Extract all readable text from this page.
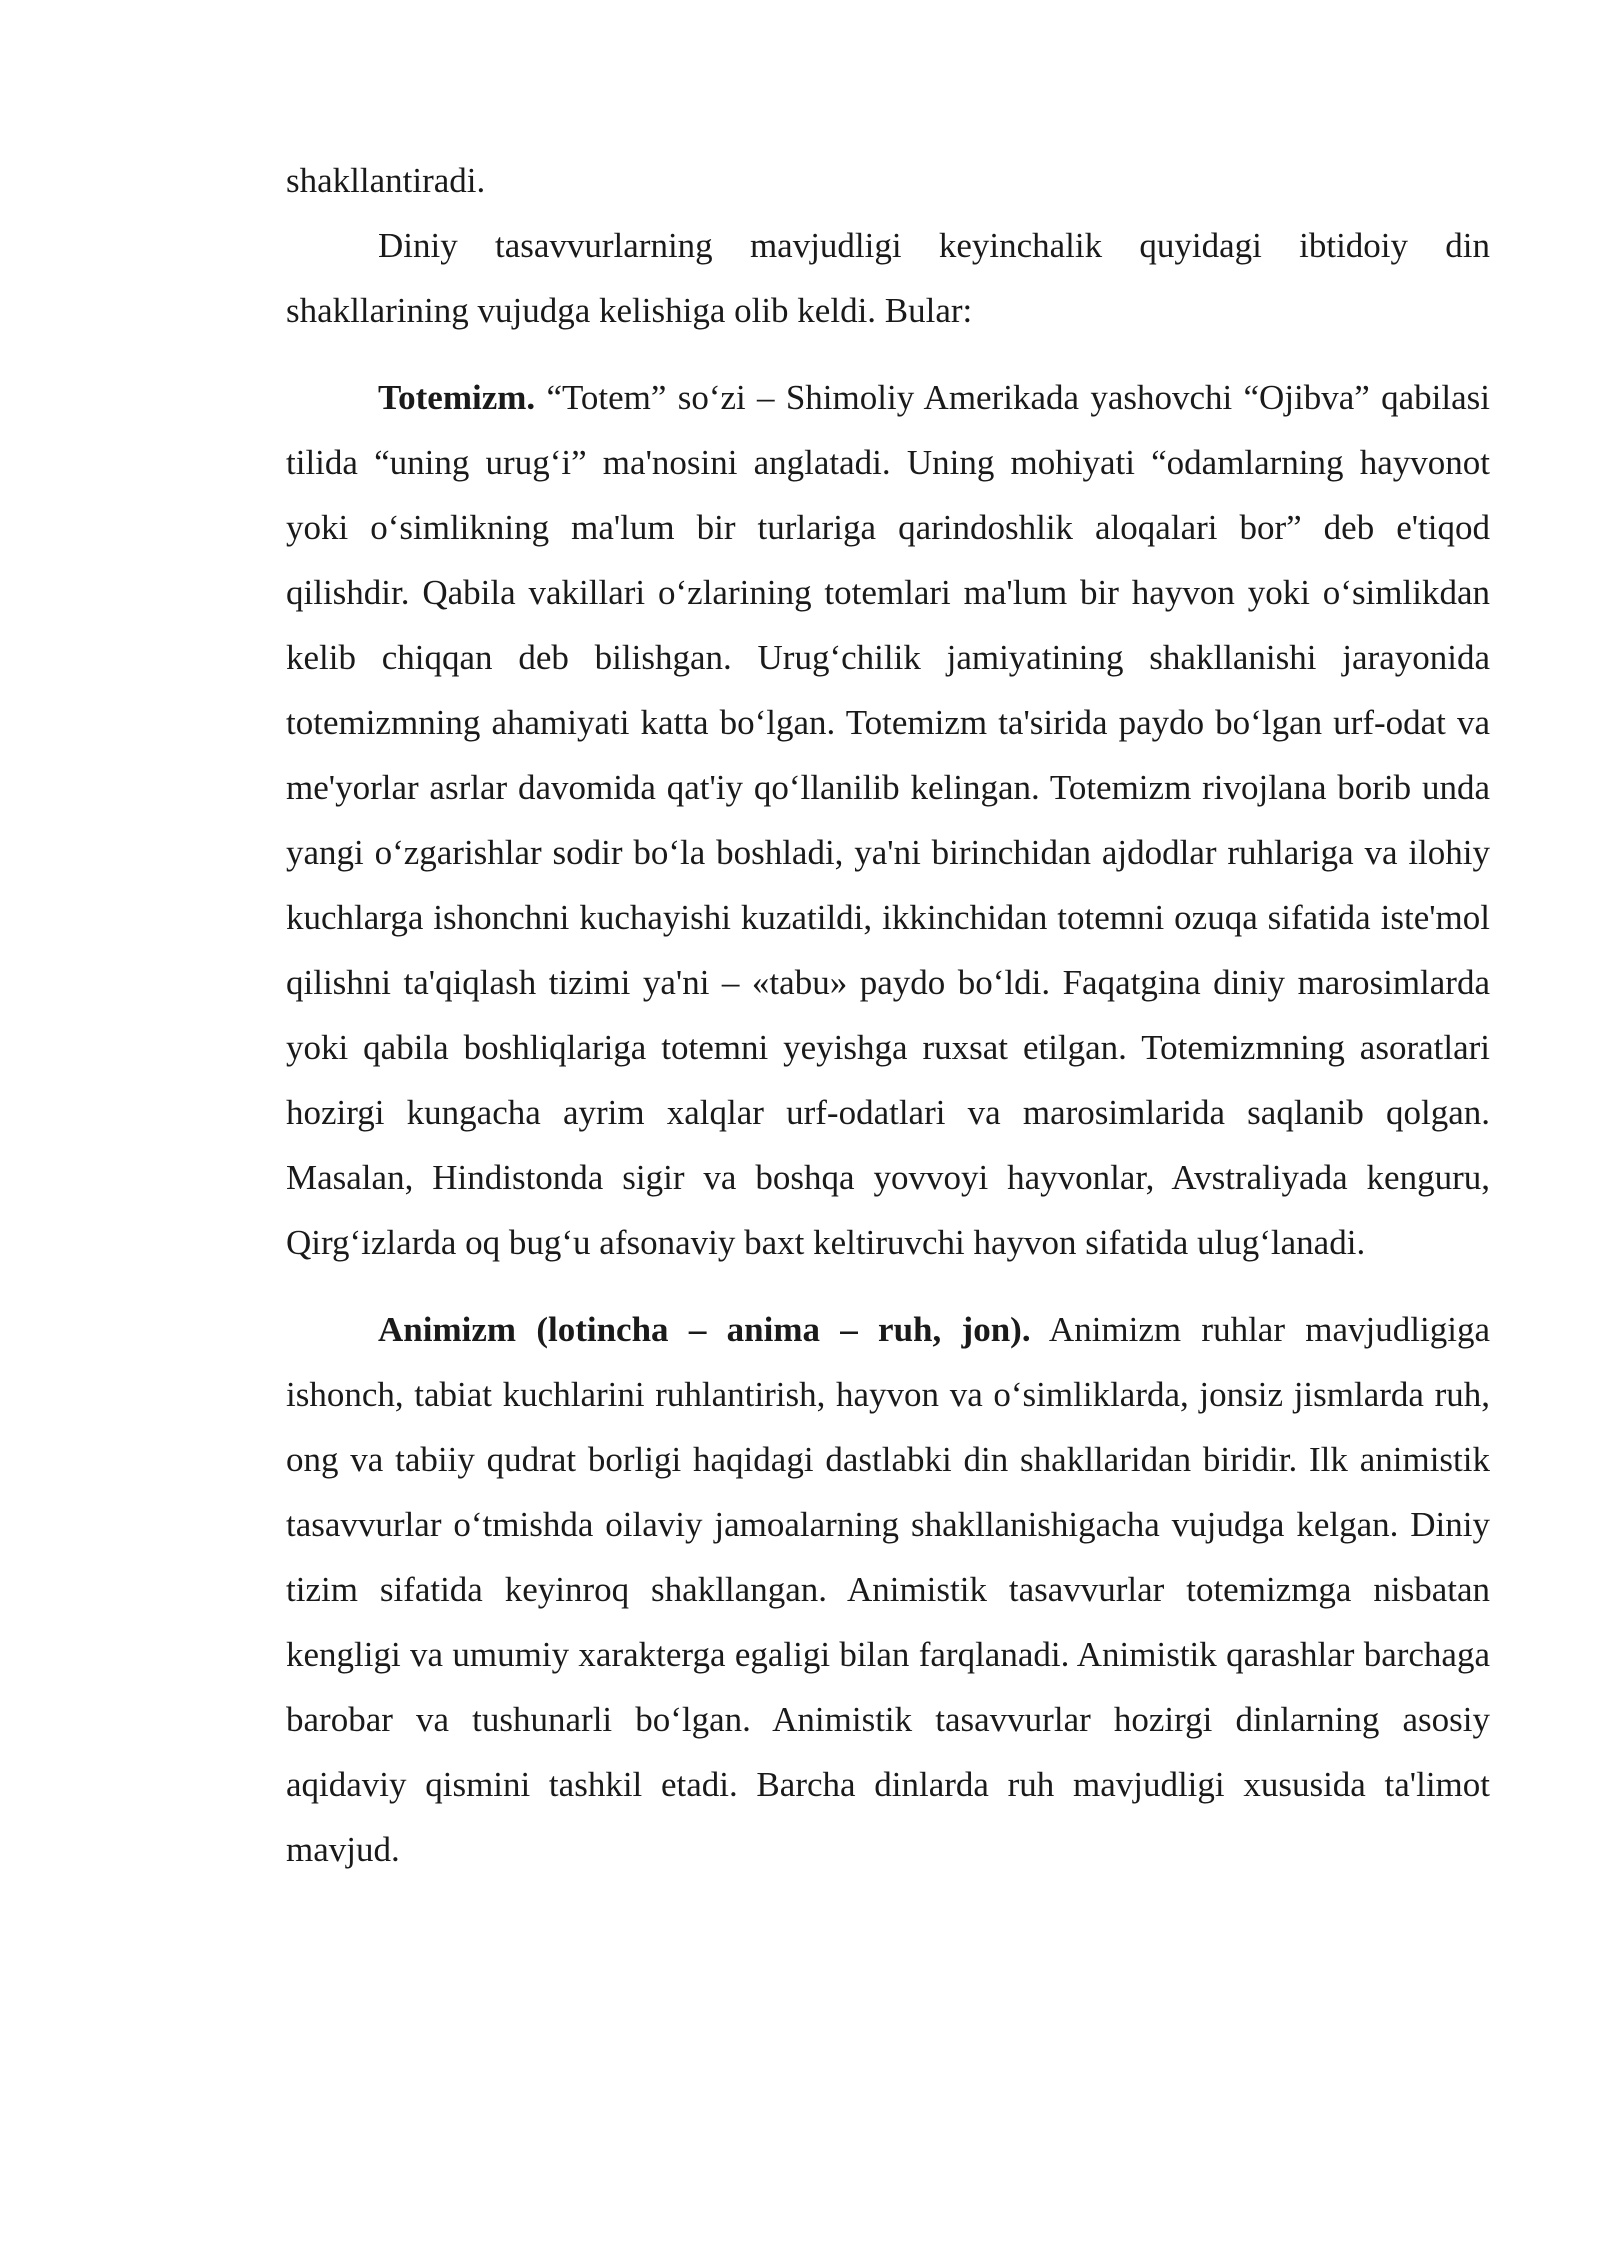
shakllantiradi.

Diniy tasavvurlarning mavjudligi keyinchalik quyidagi ibtidoiy din shakllarining vujudga kelishiga olib keldi. Bular:

Totemizm. “Totem” so‘zi – Shimoliy Amerikada yashovchi “Ojibva” qabilasi tilida “uning urug‘i” ma'nosini anglatadi. Uning mohiyati “odamlarning hayvonot yoki o‘simlikning ma'lum bir turlariga qarindoshlik aloqalari bor” deb e'tiqod qilishdir. Qabila vakillari o‘zlarining totemlari ma'lum bir hayvon yoki o‘simlikdan kelib chiqqan deb bilishgan. Urug‘chilik jamiyatining shakllanishi jarayonida totemizmning ahamiyati katta bo‘lgan. Totemizm ta'sirida paydo bo‘lgan urf-odat va me'yorlar asrlar davomida qat'iy qo‘llanilib kelingan. Totemizm rivojlana borib unda yangi o‘zgarishlar sodir bo‘la boshladi, ya'ni birinchidan ajdodlar ruhlariga va ilohiy kuchlarga ishonchni kuchayishi kuzatildi, ikkinchidan totemni ozuqa sifatida iste'mol qilishni ta'qiqlash tizimi ya'ni – «tabu» paydo bo‘ldi. Faqatgina diniy marosimlarda yoki qabila boshliqlariga totemni yeyishga ruxsat etilgan. Totemizmning asoratlari hozirgi kungacha ayrim xalqlar urf-odatlari va marosimlarida saqlanib qolgan. Masalan, Hindistonda sigir va boshqa yovvoyi hayvonlar, Avstraliyada kenguru, Qirg‘izlarda oq bug‘u afsonaviy baxt keltiruvchi hayvon sifatida ulug‘lanadi.

Animizm (lotincha – anima – ruh, jon). Animizm ruhlar mavjudligiga ishonch, tabiat kuchlarini ruhlantirish, hayvon va o‘simliklarda, jonsiz jismlarda ruh, ong va tabiiy qudrat borligi haqidagi dastlabki din shakllaridan biridir. Ilk animistik tasavvurlar o‘tmishda oilaviy jamoalarning shakllanishigacha vujudga kelgan. Diniy tizim sifatida keyinroq shakllangan. Animistik tasavvurlar totemizmga nisbatan kengligi va umumiy xarakterga egaligi bilan farqlanadi. Animistik qarashlar barchaga barobar va tushunarli bo‘lgan. Animistik tasavvurlar hozirgi dinlarning asosiy aqidaviy qismini tashkil etadi. Barcha dinlarda ruh mavjudligi xususida ta'limot mavjud.
